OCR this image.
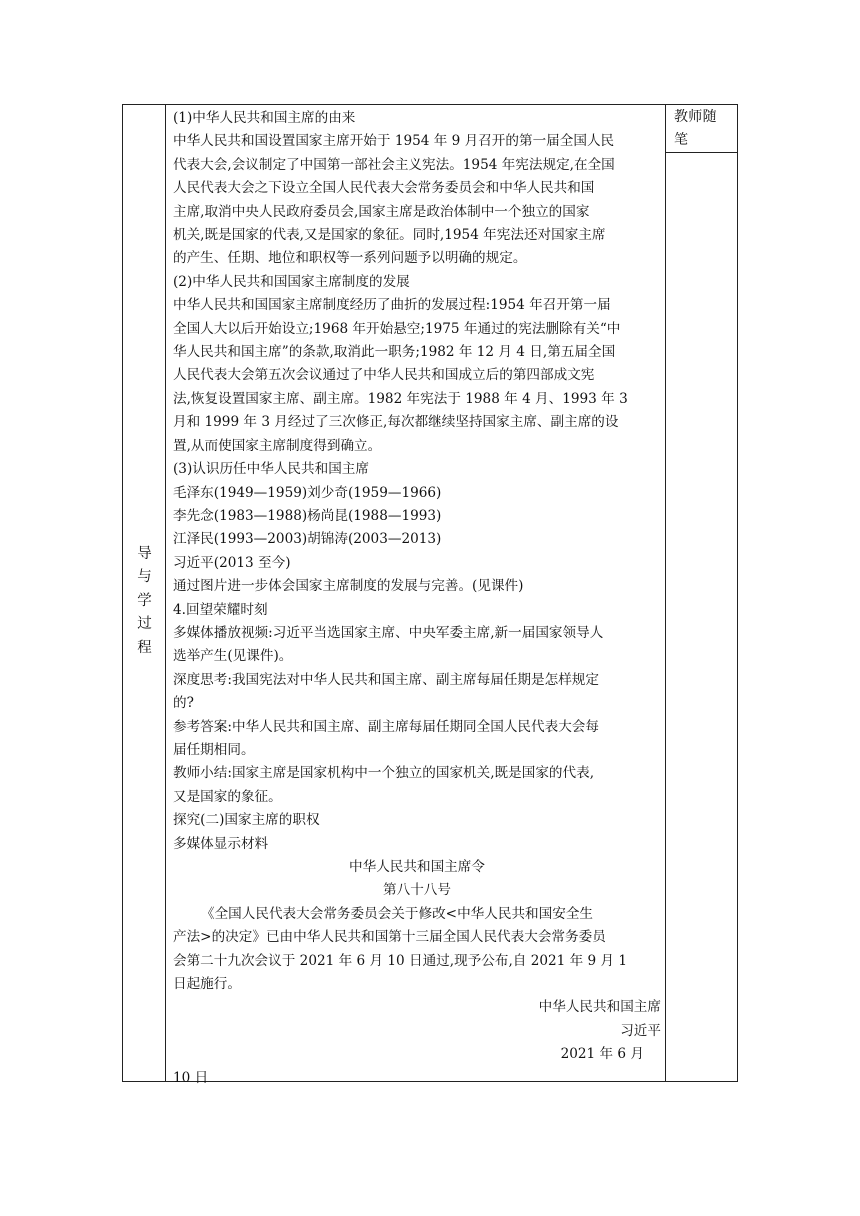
导
与
学
过
程

(1)中华人民共和国主席的由来

中华人民共和国设置国家主席开始于 1954 年 9 月召开的第一届全国人民

代表大会,会议制定了中国第一部社会主义宪法。1954 年宪法规定,在全国

人民代表大会之下设立全国人民代表大会常务委员会和中华人民共和国

主席,取消中央人民政府委员会,国家主席是政治体制中一个独立的国家

机关,既是国家的代表,又是国家的象征。同时,1954 年宪法还对国家主席

的产生、任期、地位和职权等一系列问题予以明确的规定。

(2)中华人民共和国国家主席制度的发展

中华人民共和国国家主席制度经历了曲折的发展过程:1954 年召开第一届

全国人大以后开始设立;1968 年开始悬空;1975 年通过的宪法删除有关“中

华人民共和国主席”的条款,取消此一职务;1982 年 12 月 4 日,第五届全国

人民代表大会第五次会议通过了中华人民共和国成立后的第四部成文宪

法,恢复设置国家主席、副主席。1982 年宪法于 1988 年 4 月、1993 年 3

月和 1999 年 3 月经过了三次修正,每次都继续坚持国家主席、副主席的设

置,从而使国家主席制度得到确立。

(3)认识历任中华人民共和国主席

毛泽东(1949—1959)刘少奇(1959—1966)

李先念(1983—1988)杨尚昆(1988—1993)

江泽民(1993—2003)胡锦涛(2003—2013)

习近平(2013 至今)

通过图片进一步体会国家主席制度的发展与完善。(见课件)

4.回望荣耀时刻

多媒体播放视频:习近平当选国家主席、中央军委主席,新一届国家领导人

选举产生(见课件)。

深度思考:我国宪法对中华人民共和国主席、副主席每届任期是怎样规定

的?

参考答案:中华人民共和国主席、副主席每届任期同全国人民代表大会每

届任期相同。

教师小结:国家主席是国家机构中一个独立的国家机关,既是国家的代表,

又是国家的象征。

探究(二)国家主席的职权

多媒体显示材料

中华人民共和国主席令

第八十八号

《全国人民代表大会常务委员会关于修改<中华人民共和国安全生

产法>的决定》已由中华人民共和国第十三届全国人民代表大会常务委员

会第二十九次会议于 2021 年 6 月 10 日通过,现予公布,自 2021 年 9 月 1

日起施行。

中华人民共和国主席

习近平

2021 年 6 月

10 日

教师随
笔
